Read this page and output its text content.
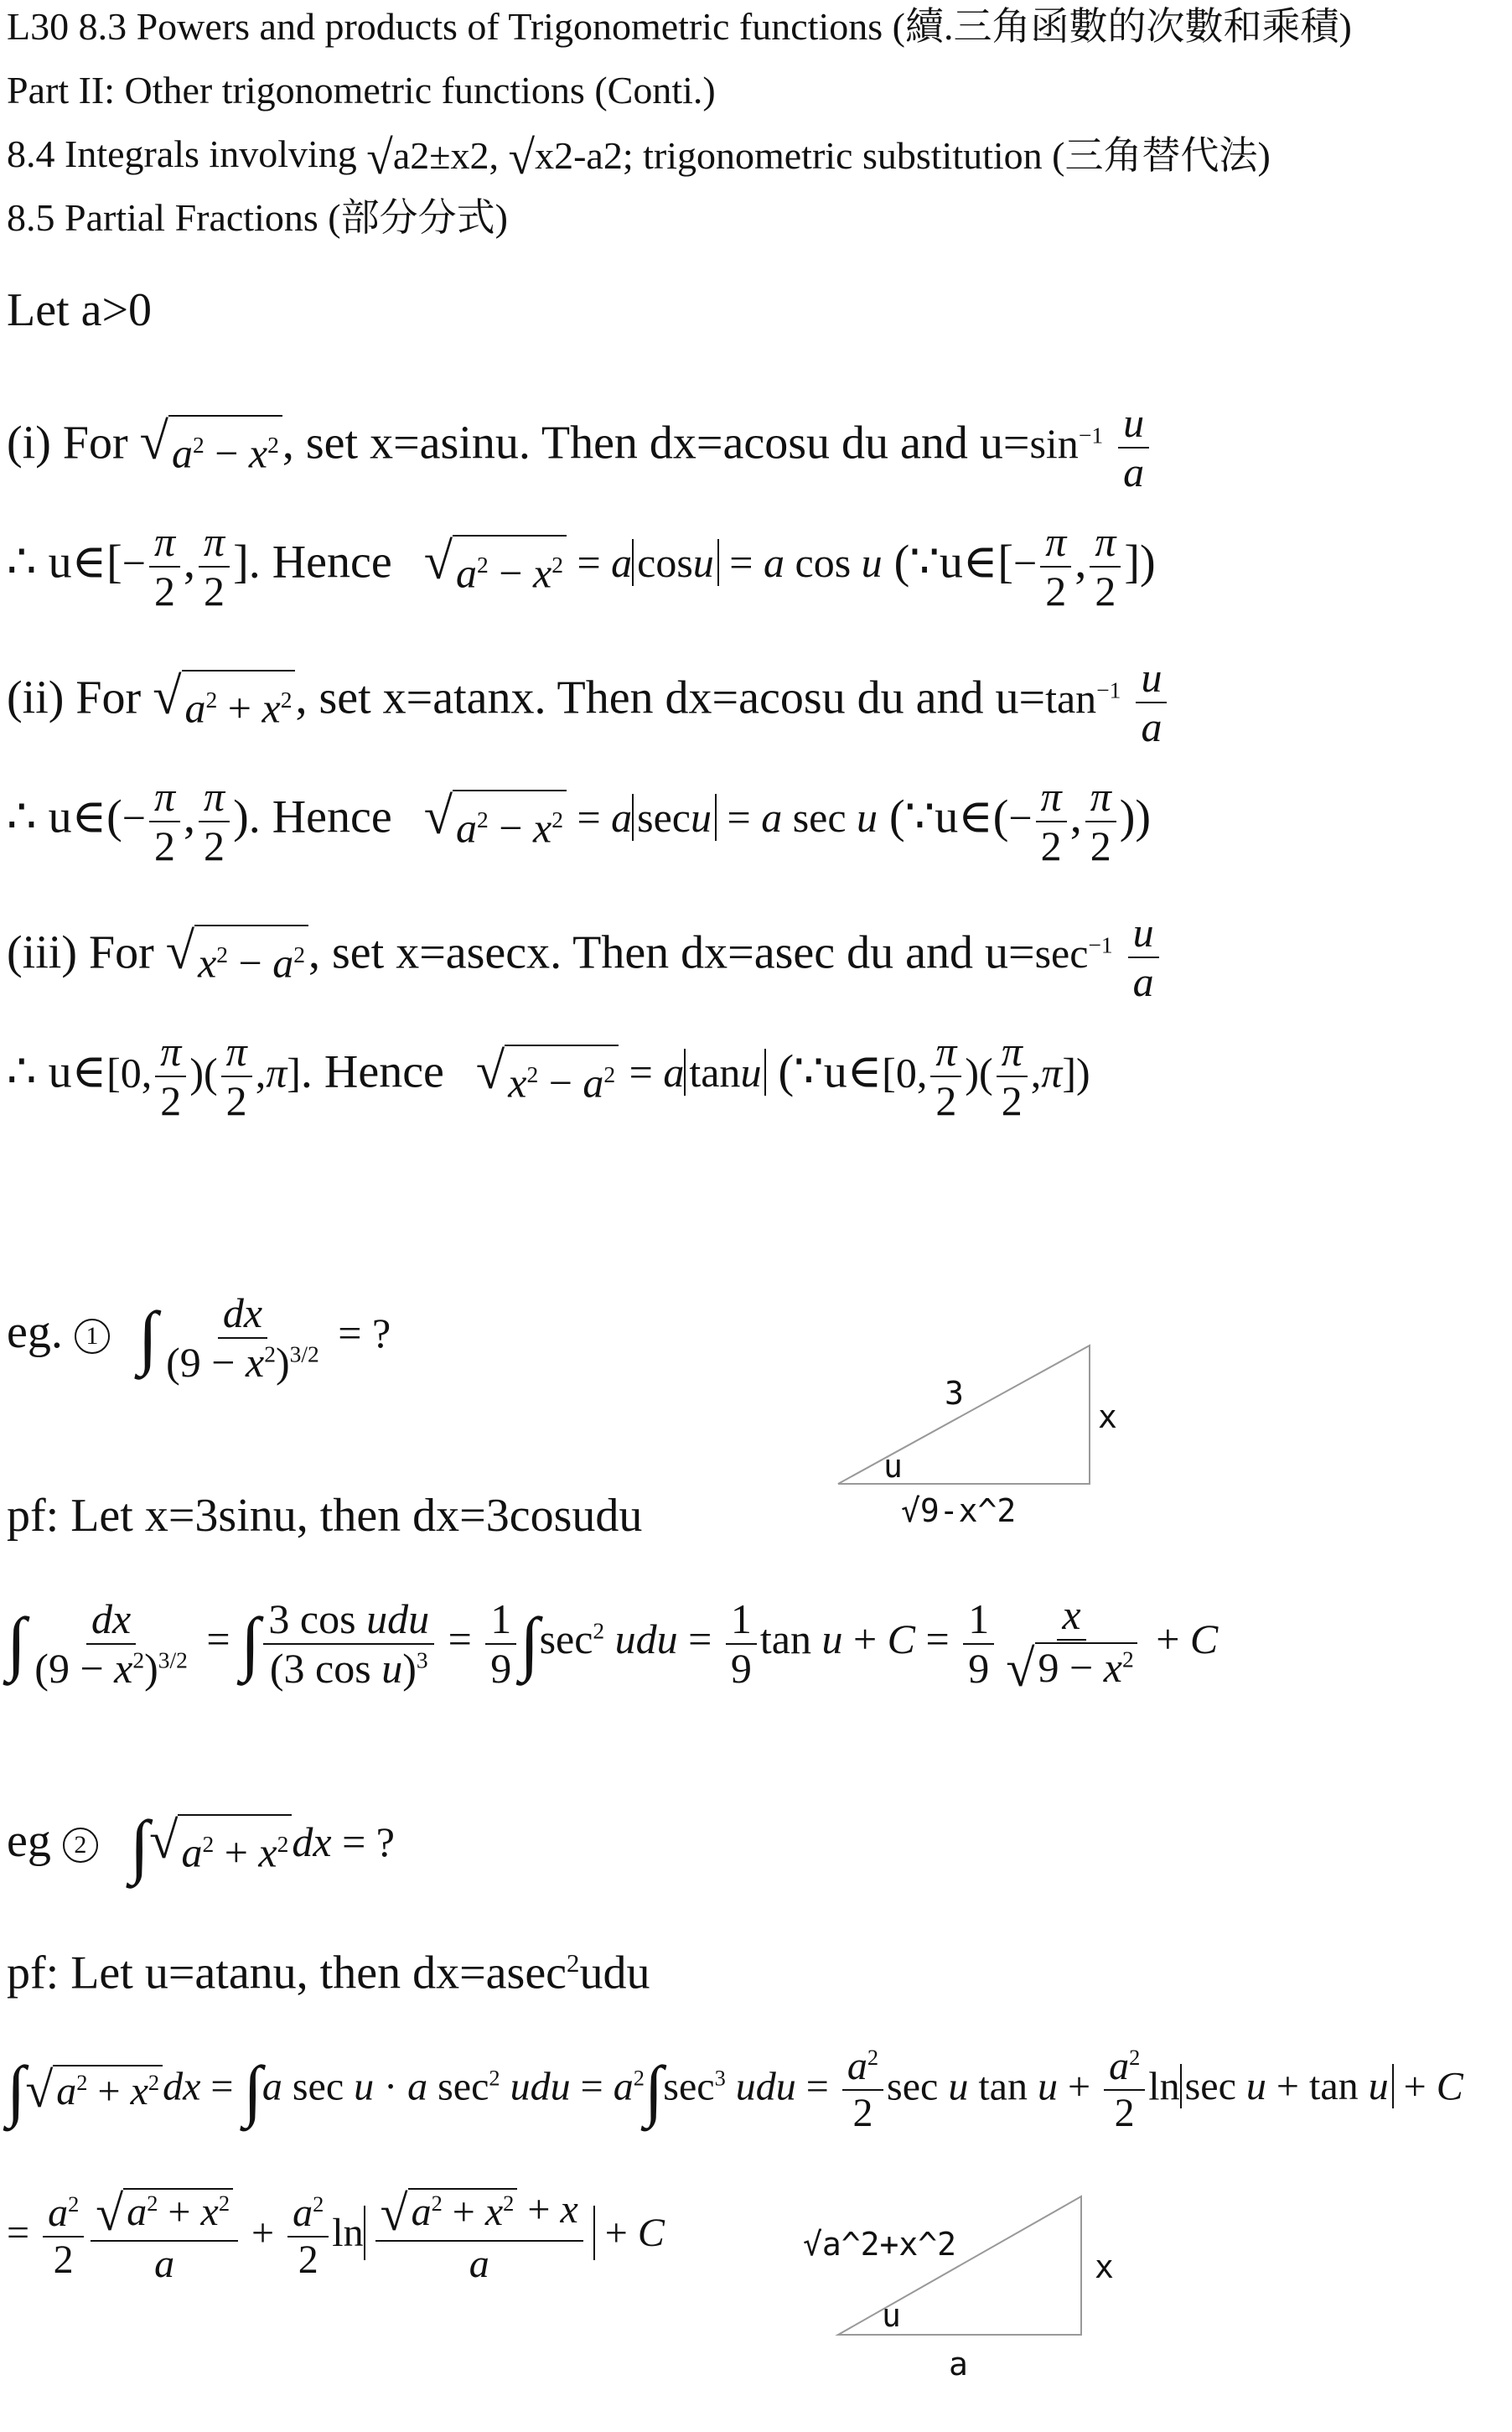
L30 8.3 Powers and products of Trigonometric functions (續.三角函數的次數和乘積)
Part II: Other trigonometric functions (Conti.)
8.4 Integrals involving √ a2±x2,
√ x2-a2; trigonometric substitution (三角替代法)
8.5 Partial Fractions (部分分式)
Let a>0
(i) For √ $a^2 - x^2$ , set x=asinu. Then dx=acosu du and $u=\sin^{-1} \frac{u}{a}$
∴ u∈[− $\frac{\pi}{2}$ , $\frac{\pi}{2}$ ]. Hence √ $a^2 - x^2 = a$ cosu = a cos u (∵u∈[− $\frac{\pi}{2}$ , $\frac{\pi}{2}$ ])
(ii) For √ $a^2 + x^2$ , set x=atanx. Then dx=acosu du and $u=\tan^{-1} \frac{u}{a}$
∴ u∈(− $\frac{\pi}{2}$ , $\frac{\pi}{2}$ ). Hence √ $a^2 - x^2 = a$ secu = a sec u (∵u∈(− $\frac{\pi}{2}$ , $\frac{\pi}{2}$ ))
(iii) For √ $x^2 - a^2$ , set x=asecx. Then dx=asec du and $u=\sec^{-1} \frac{u}{a}$
∴ u∈[0, $\frac{\pi}{2}$ )( $\frac{\pi}{2} ,\pi$]. Hence √ $x^2 - a^2 = a$ tanu (∵u∈[0, $\frac{\pi}{2}$ )( $\frac{\pi}{2} ,\pi$])
eg. 1 ∫ $\frac{dx}{(9 - x^2)^{3/2}}$ = ?
pf: Let x=3sinu, then dx=3cosudu
3
x
u
√9-x^2
∫ $\frac{dx}{(9 - x^2)^{3/2}}$ = ∫ $\frac{\text{3 cos udu}}{(3 \cos u)^3} = \frac{1}{9} \int\sec^2$ udu = $\frac{1}{9}$ $\tan u + C = \frac{1}{9} \frac{x}{√ 9 - x^2} + C$
eg 2 ∫ √ $a^2 + x^2$ dx = ?
pf: Let u=atanu, then dx=asec$^2$udu
∫ √ $a^2 + x^2$ dx = ∫a sec u · a $\sec^2$ udu = $a^2\int\sec^3$ udu = $\frac{a^2}{2}$ sec u $\tan u + \frac{a^2}{2}$ ln sec u + tan u + C
= $\frac{a^2}{2} \frac{√ a^2 + x^2}{a} + \frac{a^2}{2}$ $\ln \frac{√ a^2 + x^2 + x}{a} + C$	√a^2+x^2
x
u
a
